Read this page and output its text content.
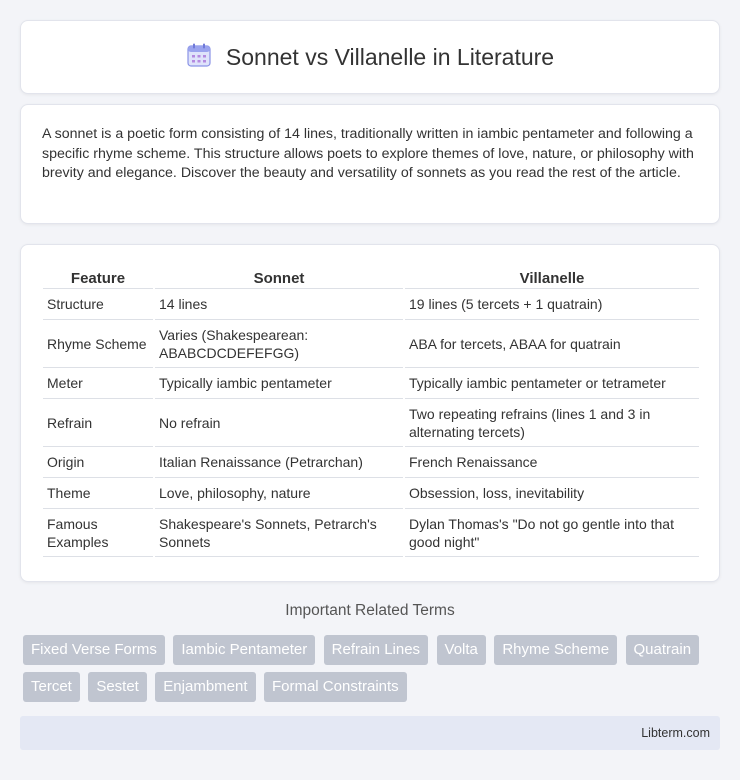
Sonnet vs Villanelle in Literature

A sonnet is a poetic form consisting of 14 lines, traditionally written in iambic pentameter and following a specific rhyme scheme. This structure allows poets to explore themes of love, nature, or philosophy with brevity and elegance. Discover the beauty and versatility of sonnets as you read the rest of the article.

Feature	Sonnet	Villanelle
Structure	14 lines	19 lines (5 tercets + 1 quatrain)
Rhyme Scheme	Varies (Shakespearean: ABABCDCDEFEFGG)	ABA for tercets, ABAA for quatrain
Meter	Typically iambic pentameter	Typically iambic pentameter or tetrameter
Refrain	No refrain	Two repeating refrains (lines 1 and 3 in alternating tercets)
Origin	Italian Renaissance (Petrarchan)	French Renaissance
Theme	Love, philosophy, nature	Obsession, loss, inevitability
Famous Examples	Shakespeare's Sonnets, Petrarch's Sonnets	Dylan Thomas's "Do not go gentle into that good night"
Important Related Terms
Fixed Verse Forms Iambic Pentameter Refrain Lines Volta Rhyme Scheme Quatrain Tercet Sestet Enjambment Formal Constraints
Libterm.com
